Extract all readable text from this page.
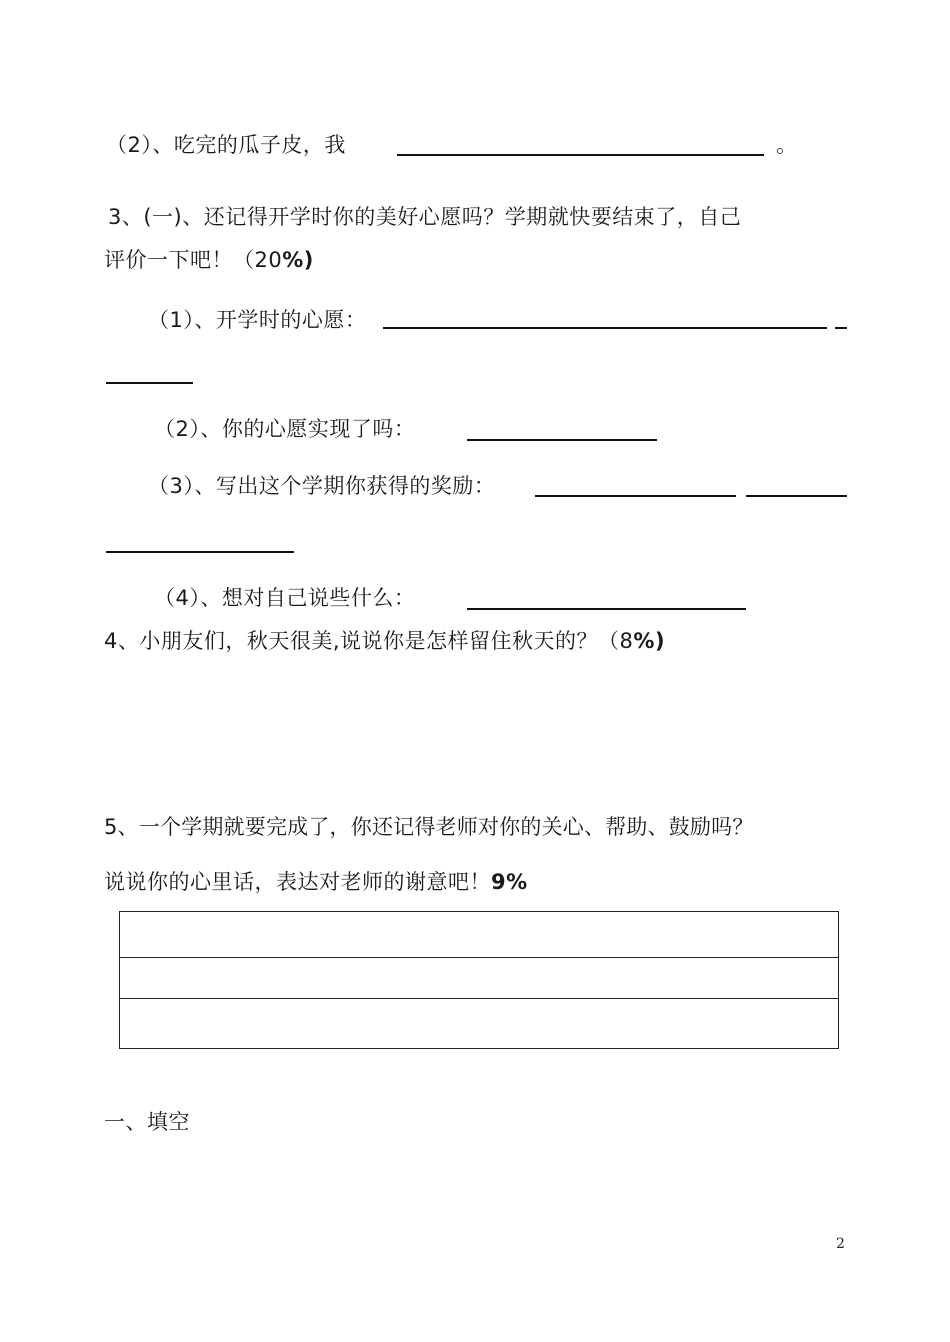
（2）、吃完的瓜子皮，我	。
3、(一)、还记得开学时你的美好心愿吗？学期就快要结束了，自己
评价一下吧！（20%)
（1）、开学时的心愿：
（2）、你的心愿实现了吗：
（3）、写出这个学期你获得的奖励：
（4）、想对自己说些什么：
4、小朋友们，秋天很美,说说你是怎样留住秋天的？（8%)
5、一个学期就要完成了，你还记得老师对你的关心、帮助、鼓励吗？
说说你的心里话，表达对老师的谢意吧！9%
一、填空
2
